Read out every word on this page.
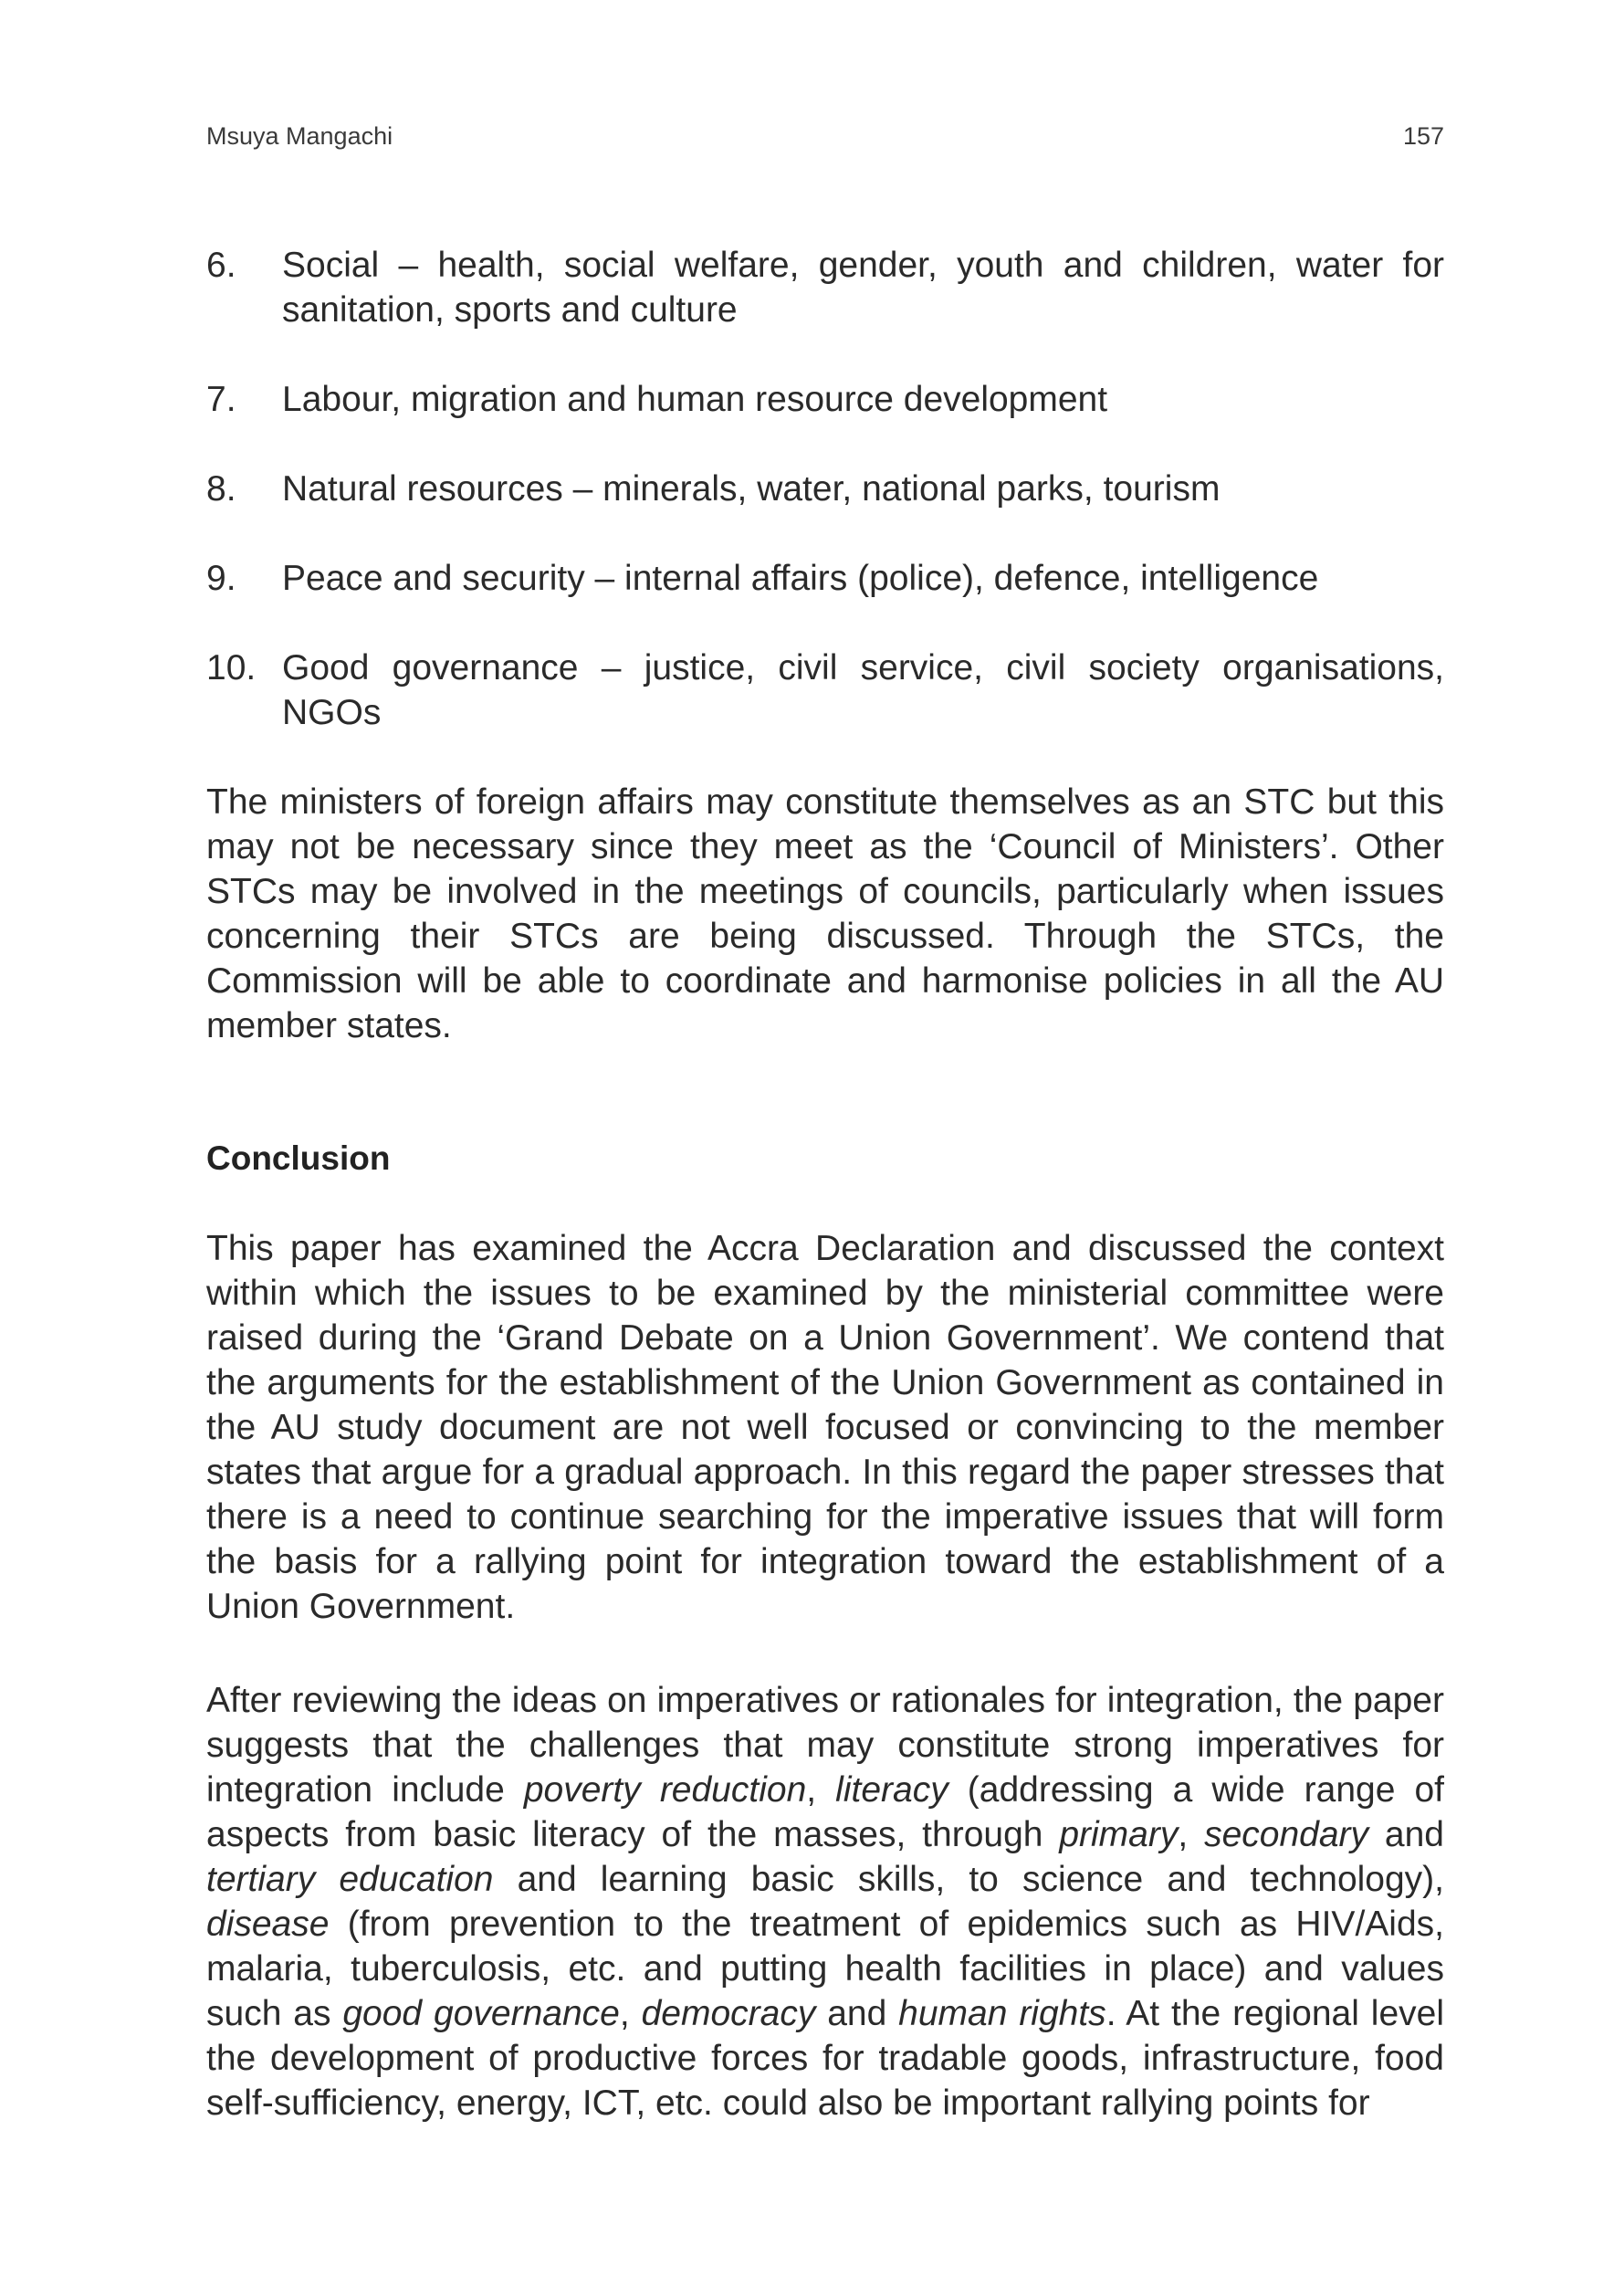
Msuya Mangachi	157
6. Social – health, social welfare, gender, youth and children, water for sanitation, sports and culture
7. Labour, migration and human resource development
8. Natural resources – minerals, water, national parks, tourism
9. Peace and security – internal affairs (police), defence, intelligence
10. Good governance – justice, civil service, civil society organisations, NGOs

The ministers of foreign affairs may constitute themselves as an STC but this may not be necessary since they meet as the ‘Council of Ministers’. Other STCs may be involved in the meetings of councils, particularly when issues concerning their STCs are being discussed. Through the STCs, the Commission will be able to coordinate and harmonise policies in all the AU member states.

Conclusion

This paper has examined the Accra Declaration and discussed the context within which the issues to be examined by the ministerial committee were raised during the ‘Grand Debate on a Union Government’. We contend that the arguments for the establishment of the Union Government as contained in the AU study document are not well focused or convincing to the member states that argue for a gradual approach. In this regard the paper stresses that there is a need to continue searching for the imperative issues that will form the basis for a rallying point for integration toward the establishment of a Union Government.

After reviewing the ideas on imperatives or rationales for integration, the paper suggests that the challenges that may constitute strong imperatives for integration include poverty reduction, literacy (addressing a wide range of aspects from basic literacy of the masses, through primary, secondary and tertiary education and learning basic skills, to science and technology), disease (from prevention to the treatment of epidemics such as HIV/Aids, malaria, tuberculosis, etc. and putting health facilities in place) and values such as good governance, democracy and human rights. At the regional level the development of productive forces for tradable goods, infrastructure, food self-sufficiency, energy, ICT, etc. could also be important rallying points for
